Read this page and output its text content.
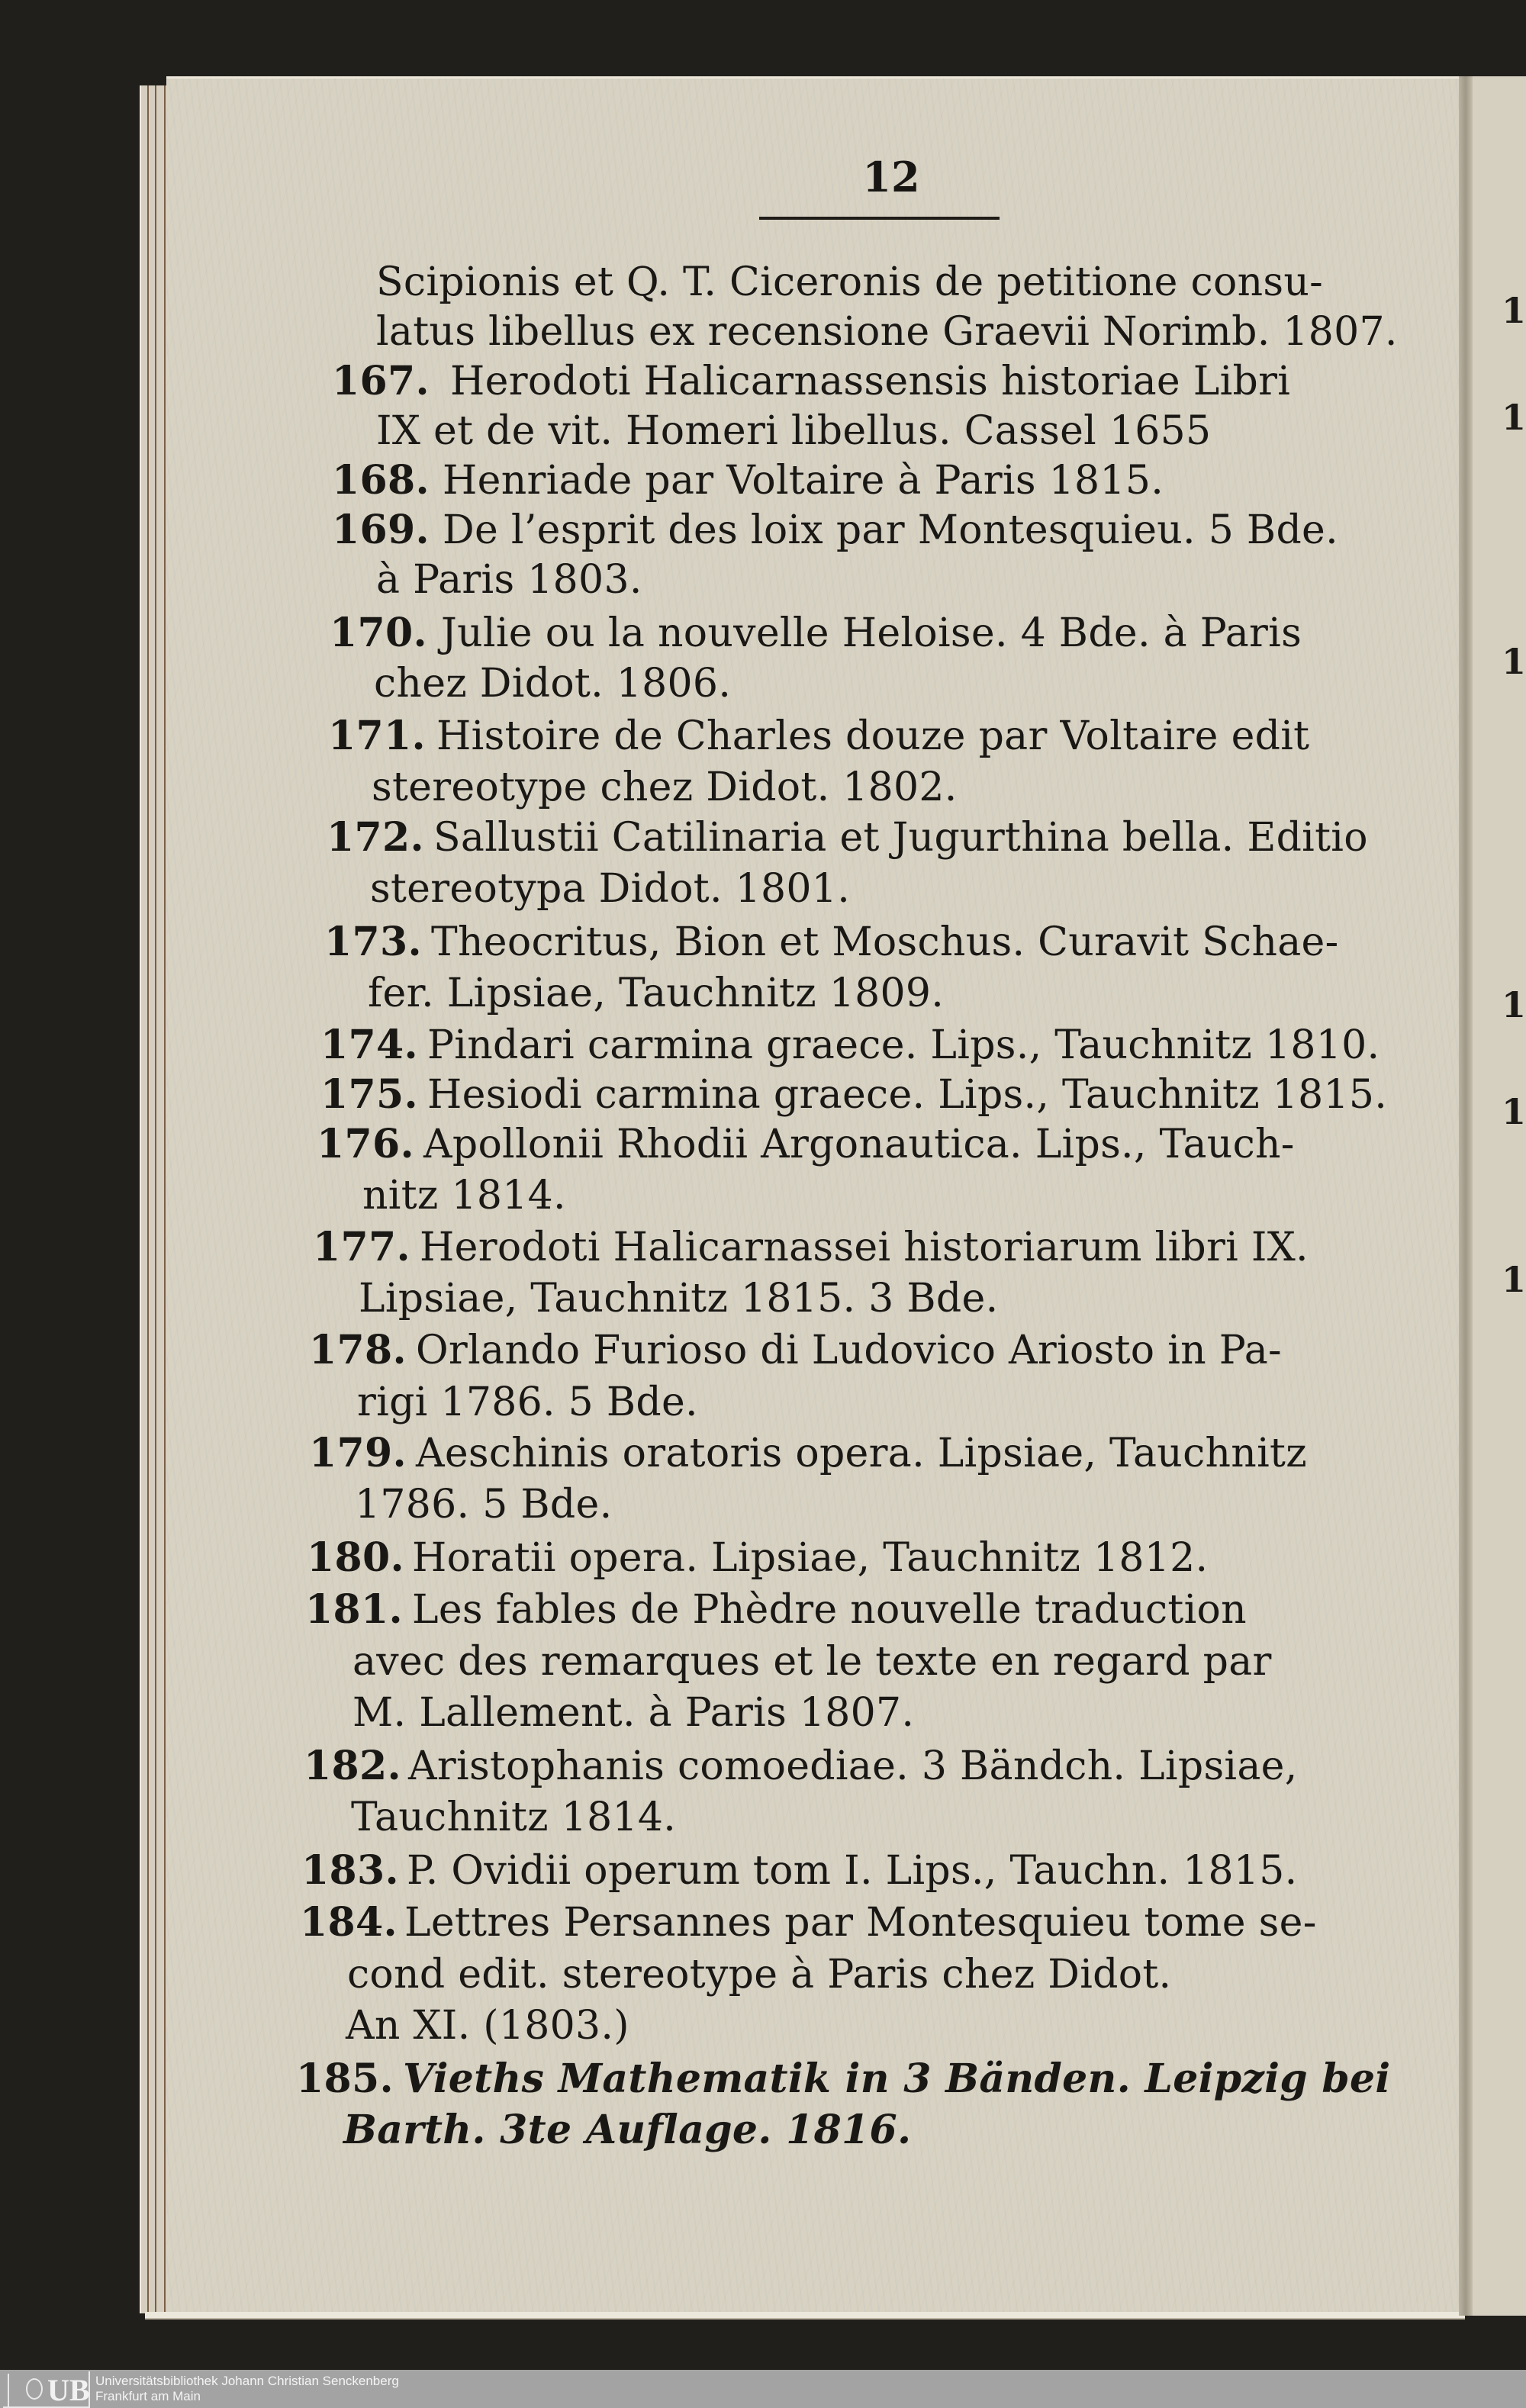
1
1
1
1
1
1
12
Scipionis et Q. T. Ciceronis de petitione consu-
latus libellus ex recensione Graevii Norimb. 1807.
167. Herodoti Halicarnassensis historiae Libri
IX et de vit. Homeri libellus. Cassel 1655
168. Henriade par Voltaire à Paris 1815.
169. De l’esprit des loix par Montesquieu. 5 Bde.
à Paris 1803.
170. Julie ou la nouvelle Heloise. 4 Bde. à Paris
chez Didot. 1806.
171. Histoire de Charles douze par Voltaire edit
stereotype chez Didot. 1802.
172. Sallustii Catilinaria et Jugurthina bella. Editio
stereotypa Didot. 1801.
173. Theocritus, Bion et Moschus. Curavit Schae-
fer. Lipsiae, Tauchnitz 1809.
174. Pindari carmina graece. Lips., Tauchnitz 1810.
175. Hesiodi carmina graece. Lips., Tauchnitz 1815.
176. Apollonii Rhodii Argonautica. Lips., Tauch-
nitz 1814.
177. Herodoti Halicarnassei historiarum libri IX.
Lipsiae, Tauchnitz 1815. 3 Bde.
178. Orlando Furioso di Ludovico Ariosto in Pa-
rigi 1786. 5 Bde.
179. Aeschinis oratoris opera. Lipsiae, Tauchnitz
1786. 5 Bde.
180. Horatii opera. Lipsiae, Tauchnitz 1812.
181. Les fables de Phèdre nouvelle traduction
avec des remarques et le texte en regard par
M. Lallement. à Paris 1807.
182. Aristophanis comoediae. 3 Bändch. Lipsiae,
Tauchnitz 1814.
183. P. Ovidii operum tom I. Lips., Tauchn. 1815.
184. Lettres Persannes par Montesquieu tome se-
cond edit. stereotype à Paris chez Didot.
An XI. (1803.)
185. Vieths Mathematik in 3 Bänden. Leipzig bei
Barth. 3te Auflage. 1816.
UB Universitätsbibliothek Johann Christian Senckenberg
Frankfurt am Main
